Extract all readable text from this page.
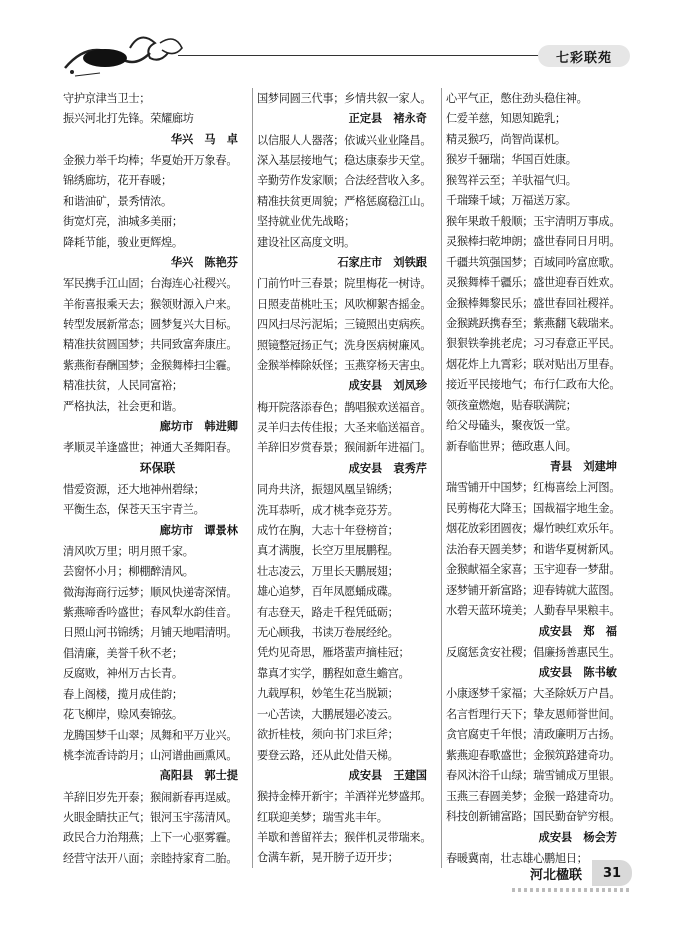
七彩联苑
守护京津当卫士；
振兴河北打先锋。荣耀廊坊
华兴　马　卓
金猴力举千均棒；华夏始开万象春。
锦绣廊坊，花开春暖；
和谐油矿，景秀情浓。
街宽灯亮，油城多美丽；
降耗节能，骏业更辉煌。
华兴　陈艳芬
军民携手江山固；台海连心社稷兴。
羊衔喜报乘天去；猴领财源入户来。
转型发展新常态；圆梦复兴大目标。
精准扶贫圆国梦；共同致富奔康庄。
紫燕衔春酬国梦；金猴舞棒扫尘霾。
精准扶贫，人民同富裕；
严格执法，社会更和谐。
廊坊市　韩进卿
孝顺灵羊逢盛世；神通大圣舞阳春。
环保联
惜爱资源，还大地神州碧绿；
平衡生态，保苍天玉宇青兰。
廊坊市　谭景林
清风吹万里；明月照千家。
芸窗怀小月；柳棚醉清风。
微海海商行远梦；顺风快递寄深情。
紫燕啼香吟盛世；春风犁水韵佳音。
日照山河书锦绣；月铺天地唱清明。
倡清廉，美誉千秋不老；
反腐败，神州万古长青。
春上阁楼，揽月成佳韵；
花飞柳岸，赊风奏锦弦。
龙腾国梦千山翠；凤舞和平万业兴。
桃李流香诗韵月；山河谱曲画熏风。
高阳县　郭士提
羊辞旧岁先开泰；猴闹新春再逞威。
火眼金睛扶正气；银河玉宇荡清风。
政民合力治翔燕；上下一心驱雾霾。
经营守法开八面；亲睦持家育二胎。
国梦同圆三代事；乡情共叙一家人。
正定县　褚永奇
以信服人人器落；依诚兴业业隆昌。
深入基层接地气；稳达康泰步天堂。
辛勤劳作发家顺；合法经营收入多。
精准扶贫更周貌；严格惩腐稳江山。
坚持就业优先战略；
建设社区高度文明。
石家庄市　刘铁跟
门前竹叶三春景；院里梅花一树诗。
日照麦苗桃吐玉；风吹柳絮杏摇金。
四风扫尽污泥垢；三镜照出吏病疾。
照镜整冠扬正气；洗身医病树廉风。
金猴举棒除妖怪；玉燕穿杨天害虫。
成安县　刘凤珍
梅开院落添春色；鹊唱猴欢送福音。
灵羊归去传佳报；大圣来临送福音。
羊辞旧岁赏春景；猴闹新年进福门。
成安县　袁秀芹
同舟共济，振翅风凰呈锦绣；
洗耳恭听，成才桃李竞芬芳。
成竹在胸，大志十年登榜首；
真才满腹，长空万里展鹏程。
壮志凌云，万里长天鹏展翅；
雄心追梦，百年凤愿蛹成碟。
有志登天，路走千程凭砥砺；
无心顾我，书读万卷展经纶。
凭灼见奇思，雁塔蜚声摘桂冠；
靠真才实学，鹏程如意生蟾宫。
九载厚积，妙笔生花当脱颖；
一心苦读，大鹏展翅必凌云。
欲折桂枝，须向书门求巨斧；
要登云路，还从此处借天梯。
成安县　王建国
猴持金棒开新宇；羊酒祥光梦盛邦。
红联迎美梦；瑞雪兆丰年。
羊歇和善留祥去；猴伴机灵带瑞来。
仓满车新，晃开膀子迈开步；
心平气正，憋住劲头稳住神。
仁爱羊慈，知恩知跪乳；
精灵猴巧，尚智尚谋机。
猴岁千骊瑞；华国百姓康。
猴驾祥云至；羊驮福气归。
千瑞臻千域；万福送万家。
猴年果敢千般顺；玉宇清明万事成。
灵猴棒扫乾坤朗；盛世春同日月明。
千疆共筑强国梦；百域同吟富庶歌。
灵猴舞棒千疆乐；盛世迎春百姓欢。
金猴棒舞黎民乐；盛世春回社稷祥。
金猴跳跃携春至；紫燕翻飞载瑞来。
狠狠铁拳挑老虎；习习春意正平民。
烟花炸上九霄彩；联对贴出万里春。
接近平民接地气；布行仁政布大伦。
领孩童燃炮，贴春联满院；
给父母磕头，聚夜饭一堂。
新春临世界；德政惠人间。
青县　刘建坤
瑞雪铺开中国梦；红梅喜绘上河图。
民剪梅花大降玉；国裁福字地生金。
烟花放彩团圆夜；爆竹映红欢乐年。
法治春天圆美梦；和谐华夏树新风。
金猴献福全家喜；玉宇迎春一梦甜。
逐梦铺开新富路；迎春铸就大蓝图。
水碧天蓝环境美；人勤春早果粮丰。
成安县　郑　福
反腐惩贪安社稷；倡廉扬善惠民生。
成安县　陈书敏
小康逐梦千家福；大圣除妖万户昌。
名言哲理行天下；挚友恩师誉世间。
贪官腐吏千年恨；清政廉明万古扬。
紫燕迎春歌盛世；金猴筑路建奇功。
春风沐浴千山绿；瑞雪铺成万里银。
玉燕三春圆美梦；金猴一路建奇功。
科技创新铺富路；国民勤奋铲穷根。
成安县　杨会芳
春暖冀南，壮志雄心鹏旭日；
河北楹联	31
